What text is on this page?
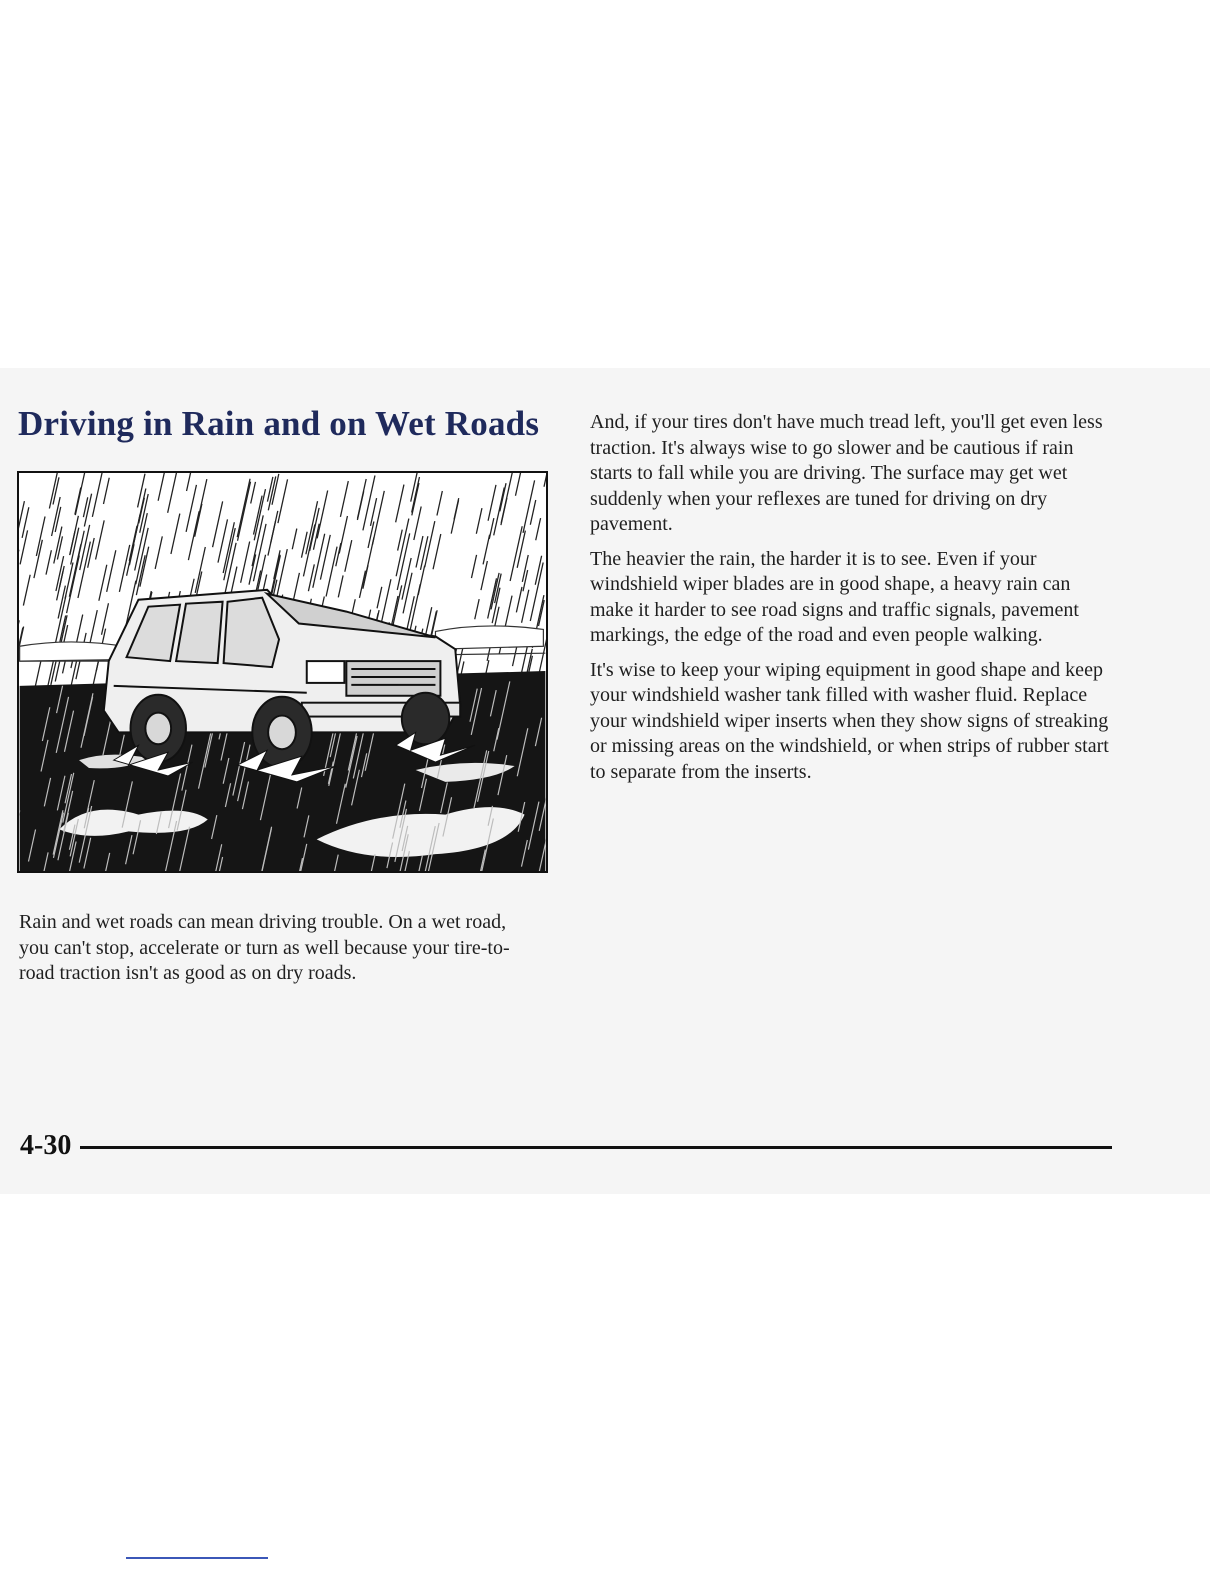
Driving in Rain and on Wet Roads

Rain and wet roads can mean driving trouble. On a wet road, you can't stop, accelerate or turn as well because your tire-to-road traction isn't as good as on dry roads.

And, if your tires don't have much tread left, you'll get even less traction. It's always wise to go slower and be cautious if rain starts to fall while you are driving. The surface may get wet suddenly when your reflexes are tuned for driving on dry pavement.

The heavier the rain, the harder it is to see. Even if your windshield wiper blades are in good shape, a heavy rain can make it harder to see road signs and traffic signals, pavement markings, the edge of the road and even people walking.

It's wise to keep your wiping equipment in good shape and keep your windshield washer tank filled with washer fluid. Replace your windshield wiper inserts when they show signs of streaking or missing areas on the windshield, or when strips of rubber start to separate from the inserts.

4-30
